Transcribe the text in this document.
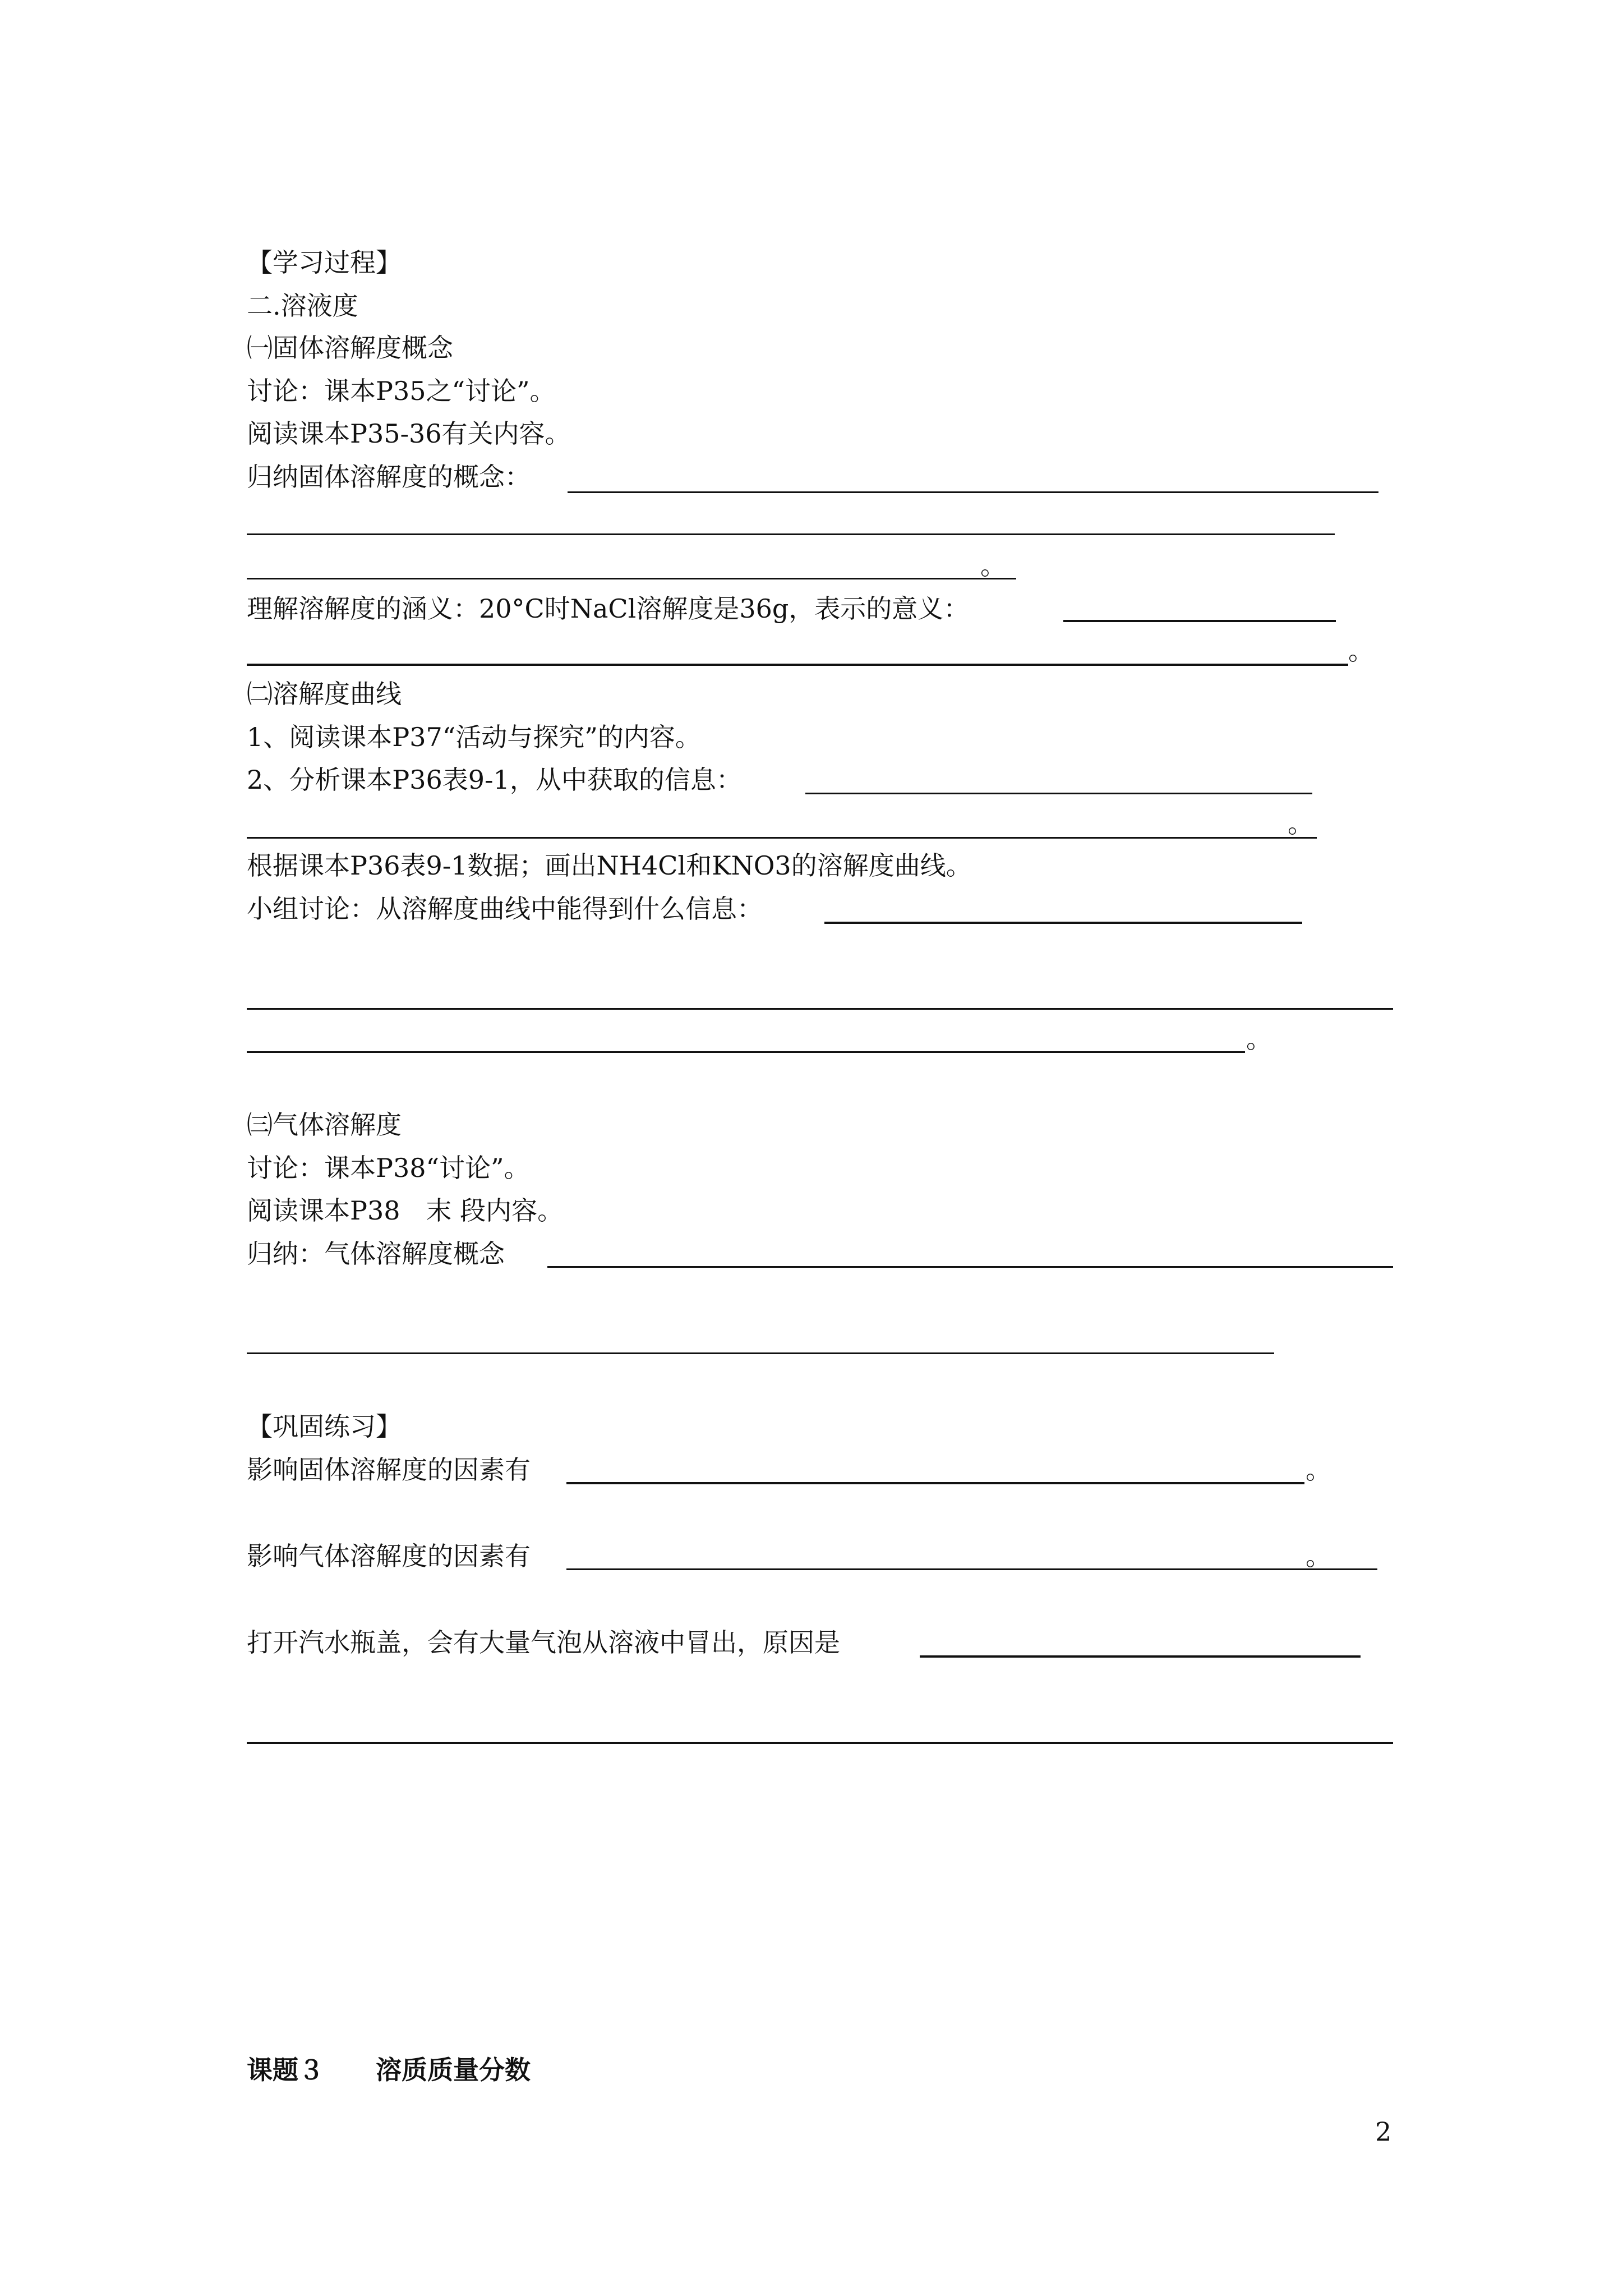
【学习过程】
二.溶液度
㈠固体溶解度概念
讨论：课本P35之“讨论”。
阅读课本P35-36有关内容。
归纳固体溶解度的概念：
。
理解溶解度的涵义：20°C时NaCl溶解度是36g，表示的意义：
。
㈡溶解度曲线
1、阅读课本P37“活动与探究”的内容。
2、分析课本P36表9-1，从中获取的信息：
。
根据课本P36表9-1数据；画出NH4Cl和KNO3的溶解度曲线。
小组讨论：从溶解度曲线中能得到什么信息：
。
㈢气体溶解度
讨论：课本P38“讨论”。
阅读课本P38　末 段内容。
归纳：气体溶解度概念
【巩固练习】
影响固体溶解度的因素有	。
影响气体溶解度的因素有	。
打开汽水瓶盖，会有大量气泡从溶液中冒出，原因是
课题３　　溶质质量分数
2
